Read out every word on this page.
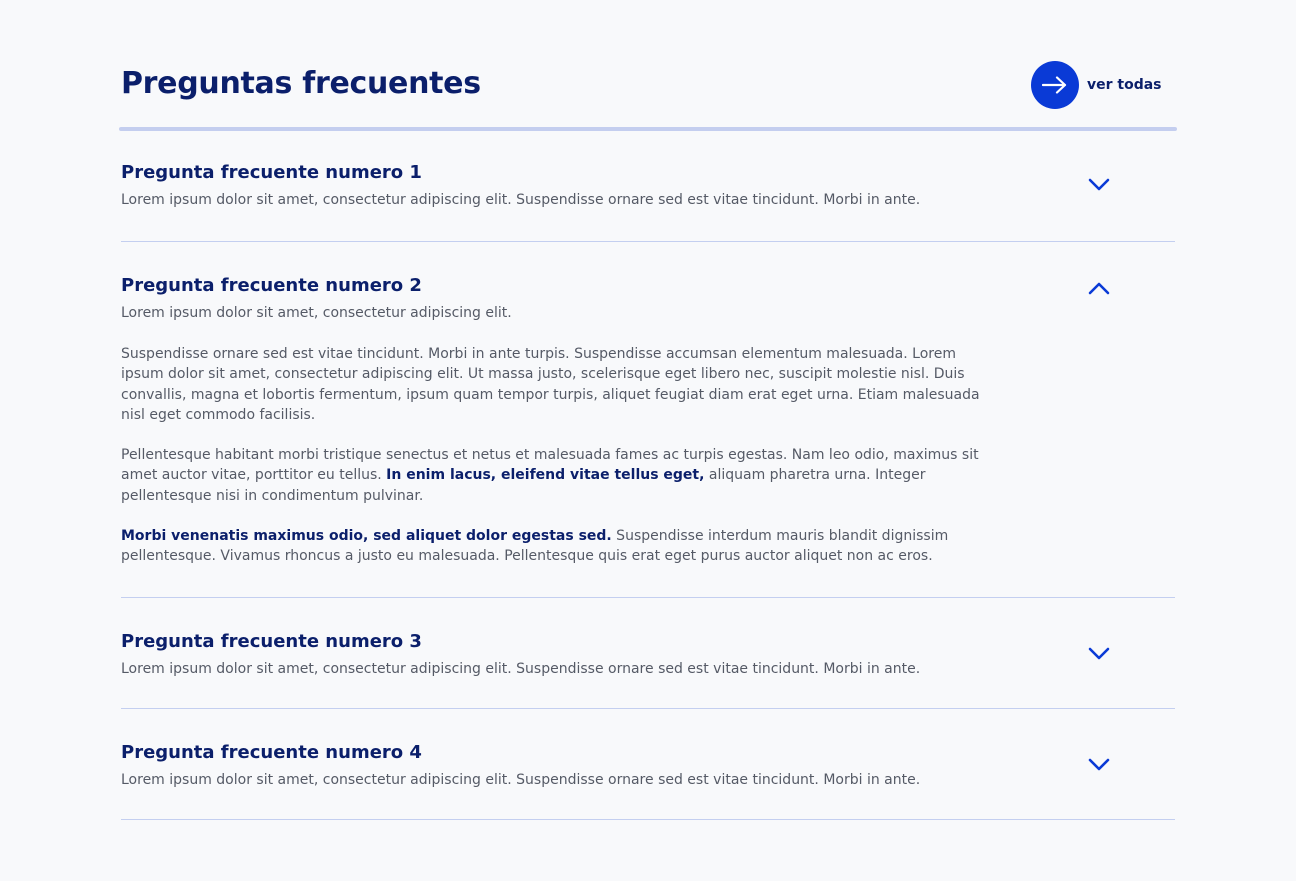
Preguntas frecuentes	ver todas
Pregunta frecuente numero 1

Lorem ipsum dolor sit amet, consectetur adipiscing elit. Suspendisse ornare sed est vitae tincidunt. Morbi in ante.

Pregunta frecuente numero 2

Lorem ipsum dolor sit amet, consectetur adipiscing elit.

Suspendisse ornare sed est vitae tincidunt. Morbi in ante turpis. Suspendisse accumsan elementum malesuada. Lorem ipsum dolor sit amet, consectetur adipiscing elit. Ut massa justo, scelerisque eget libero nec, suscipit molestie nisl. Duis convallis, magna et lobortis fermentum, ipsum quam tempor turpis, aliquet feugiat diam erat eget urna. Etiam malesuada nisl eget commodo facilisis.

Pellentesque habitant morbi tristique senectus et netus et malesuada fames ac turpis egestas. Nam leo odio, maximus sit amet auctor vitae, porttitor eu tellus. In enim lacus, eleifend vitae tellus eget, aliquam pharetra urna. Integer pellentesque nisi in condimentum pulvinar.

Morbi venenatis maximus odio, sed aliquet dolor egestas sed. Suspendisse interdum mauris blandit dignissim pellentesque. Vivamus rhoncus a justo eu malesuada. Pellentesque quis erat eget purus auctor aliquet non ac eros.

Pregunta frecuente numero 3

Lorem ipsum dolor sit amet, consectetur adipiscing elit. Suspendisse ornare sed est vitae tincidunt. Morbi in ante.

Pregunta frecuente numero 4

Lorem ipsum dolor sit amet, consectetur adipiscing elit. Suspendisse ornare sed est vitae tincidunt. Morbi in ante.
